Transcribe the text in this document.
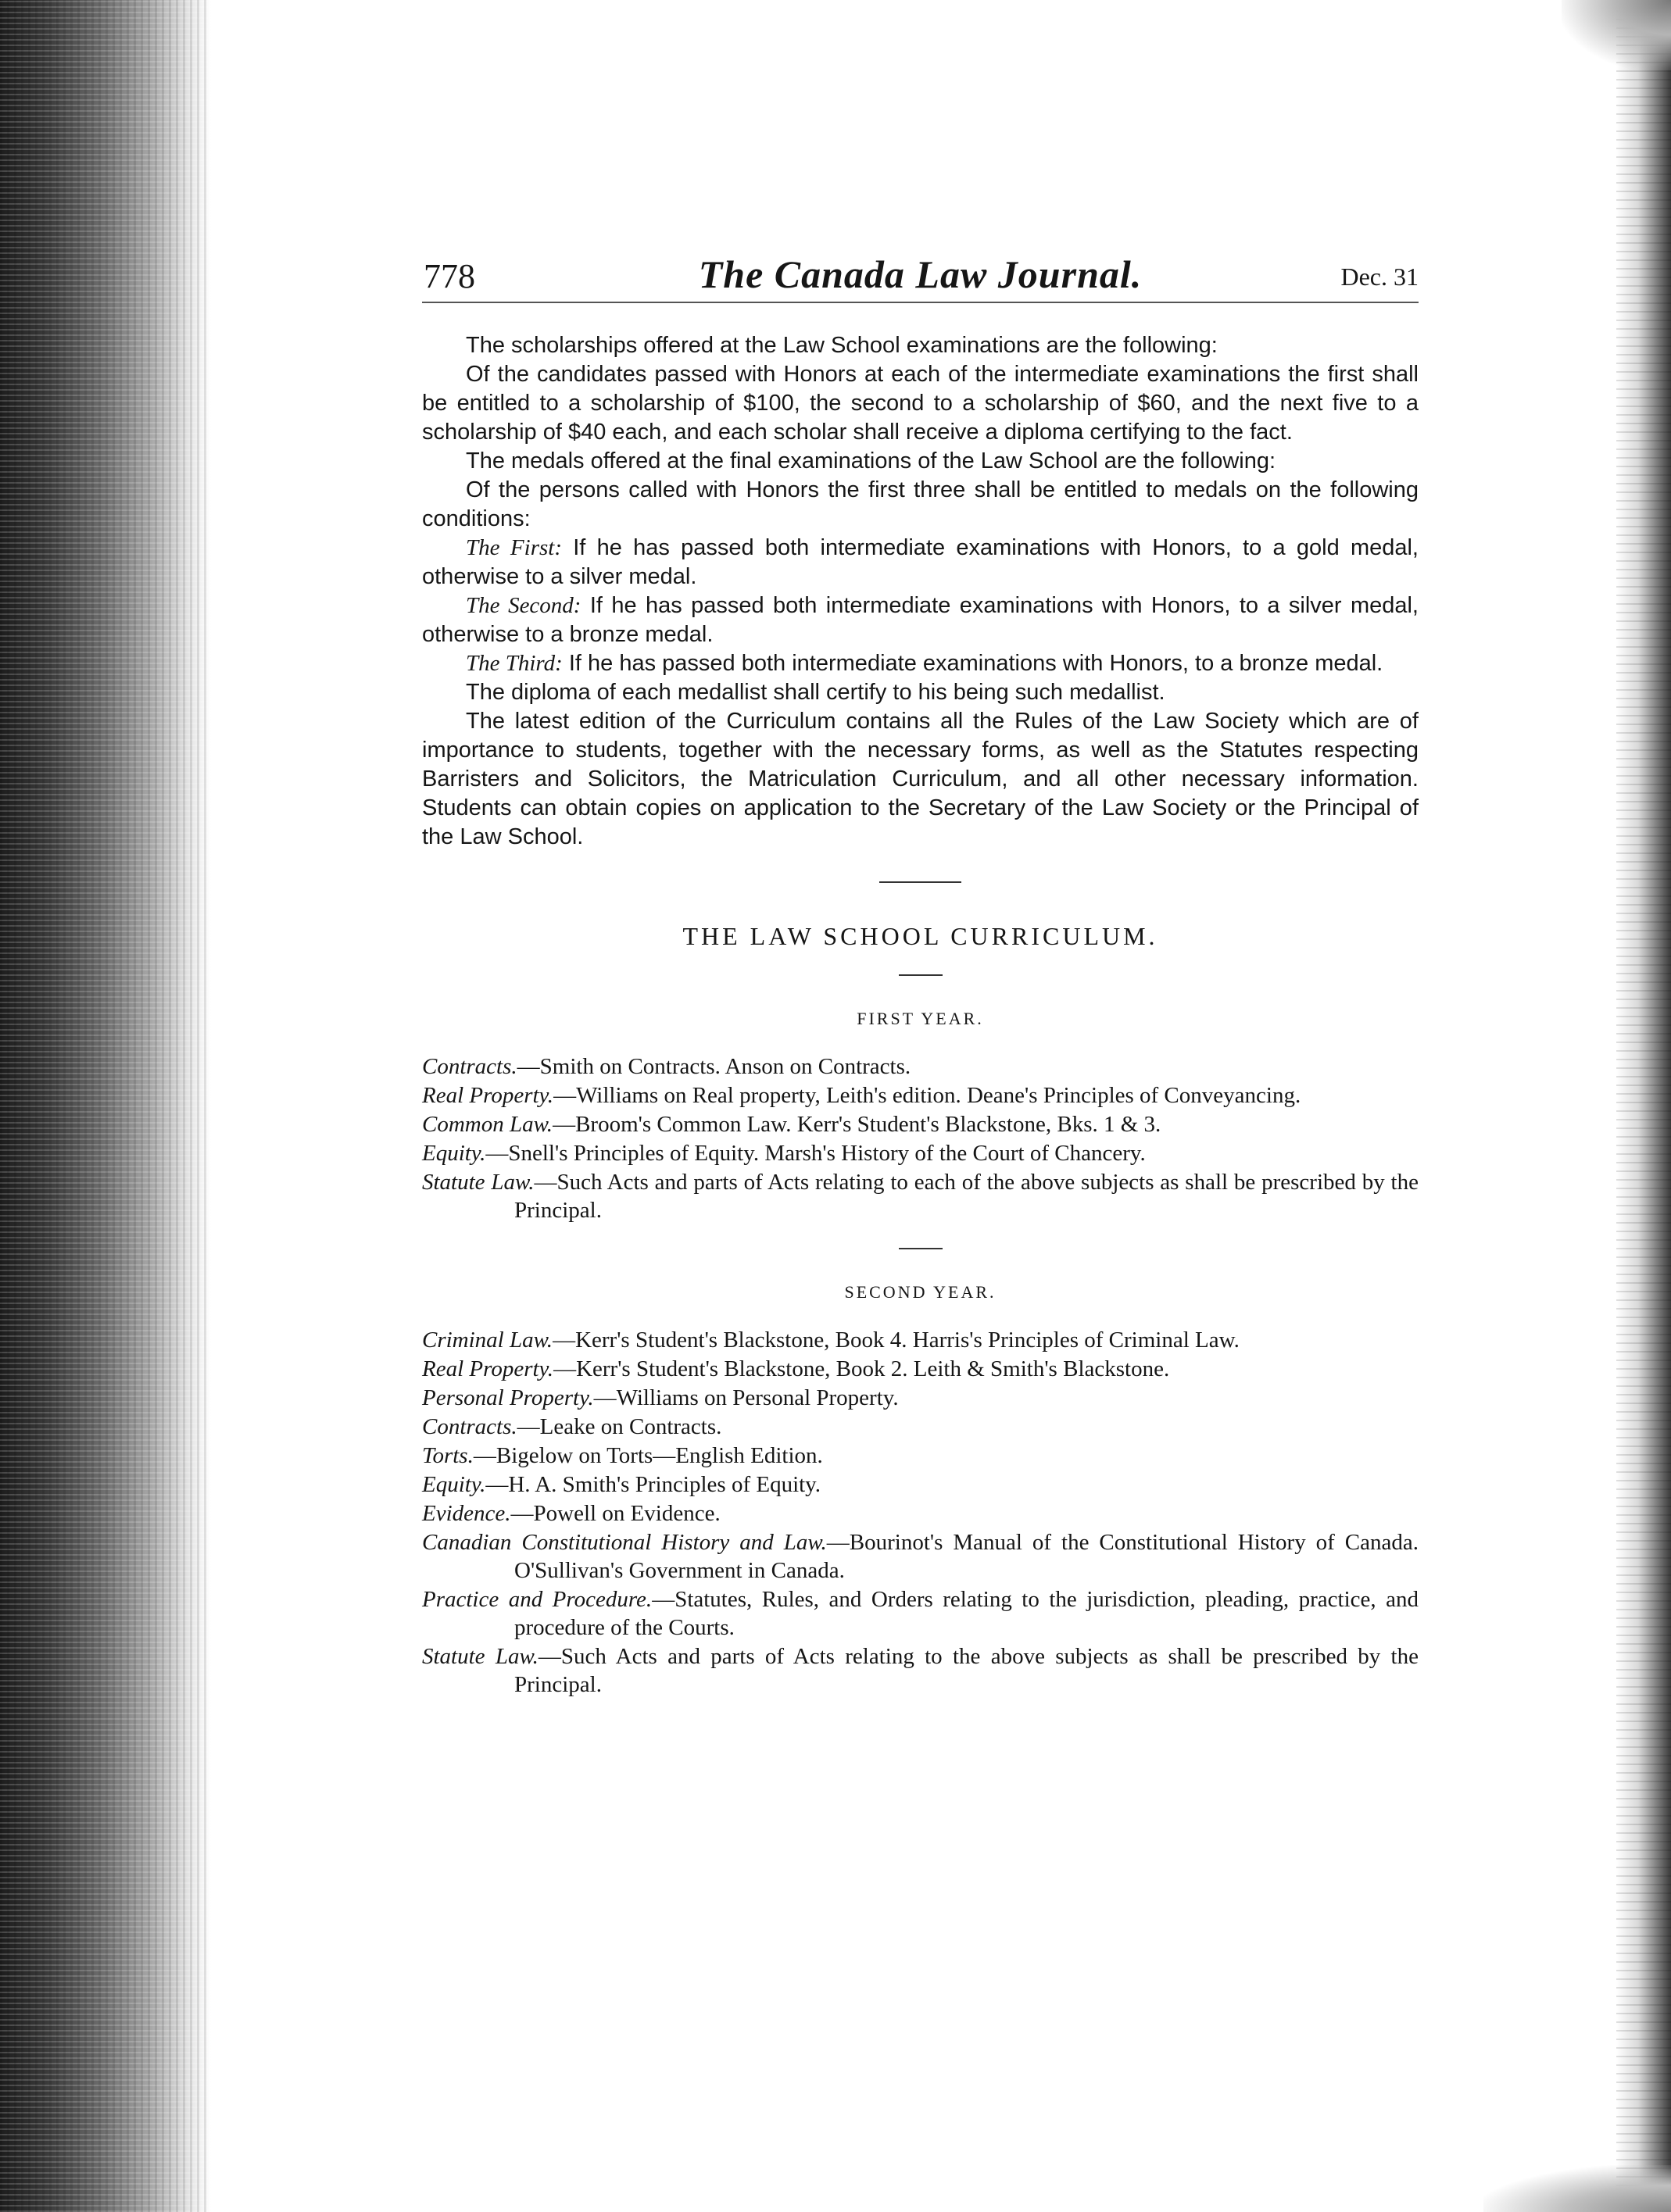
778	The Canada Law Journal.	Dec. 31

The scholarships offered at the Law School examinations are the following:

Of the candidates passed with Honors at each of the intermediate examinations the first shall be entitled to a scholarship of $100, the second to a scholarship of $60, and the next five to a scholarship of $40 each, and each scholar shall receive a diploma certifying to the fact.

The medals offered at the final examinations of the Law School are the following:

Of the persons called with Honors the first three shall be entitled to medals on the following conditions:

The First: If he has passed both intermediate examinations with Honors, to a gold medal, otherwise to a silver medal.

The Second: If he has passed both intermediate examinations with Honors, to a silver medal, otherwise to a bronze medal.

The Third: If he has passed both intermediate examinations with Honors, to a bronze medal.

The diploma of each medallist shall certify to his being such medallist.

The latest edition of the Curriculum contains all the Rules of the Law Society which are of importance to students, together with the necessary forms, as well as the Statutes respecting Barristers and Solicitors, the Matriculation Curriculum, and all other necessary information. Students can obtain copies on application to the Secretary of the Law Society or the Principal of the Law School.

THE LAW SCHOOL CURRICULUM.
FIRST YEAR.

Contracts.—Smith on Contracts. Anson on Contracts.

Real Property.—Williams on Real property, Leith's edition. Deane's Principles of Conveyancing.

Common Law.—Broom's Common Law. Kerr's Student's Blackstone, Bks. 1 & 3.

Equity.—Snell's Principles of Equity. Marsh's History of the Court of Chancery.

Statute Law.—Such Acts and parts of Acts relating to each of the above subjects as shall be prescribed by the Principal.

SECOND YEAR.

Criminal Law.—Kerr's Student's Blackstone, Book 4. Harris's Principles of Criminal Law.

Real Property.—Kerr's Student's Blackstone, Book 2. Leith & Smith's Blackstone.

Personal Property.—Williams on Personal Property.

Contracts.—Leake on Contracts.

Torts.—Bigelow on Torts—English Edition.

Equity.—H. A. Smith's Principles of Equity.

Evidence.—Powell on Evidence.

Canadian Constitutional History and Law.—Bourinot's Manual of the Constitutional History of Canada. O'Sullivan's Government in Canada.

Practice and Procedure.—Statutes, Rules, and Orders relating to the jurisdiction, pleading, practice, and procedure of the Courts.

Statute Law.—Such Acts and parts of Acts relating to the above subjects as shall be prescribed by the Principal.
